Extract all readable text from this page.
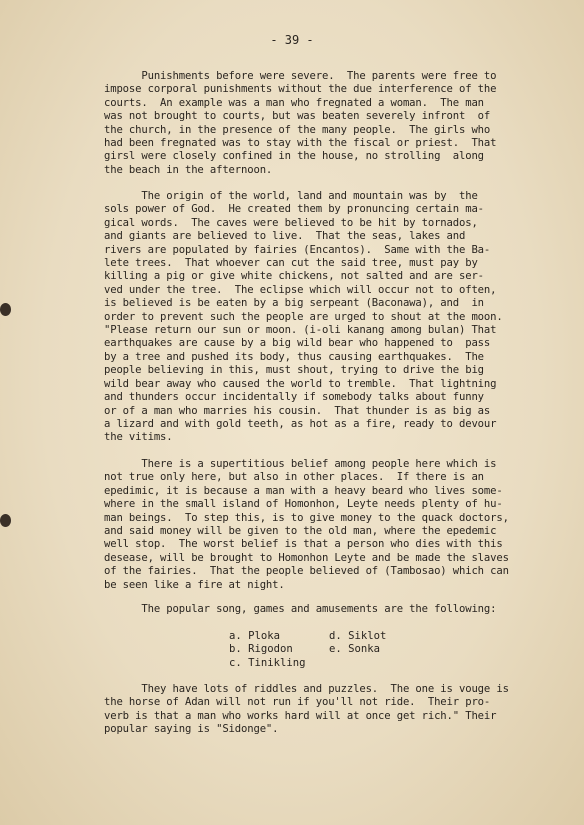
- 39 -
Punishments before were severe.  The parents were free to
impose corporal punishments without the due interference of the
courts.  An example was a man who fregnated a woman.  The man
was not brought to courts, but was beaten severely infront  of
the church, in the presence of the many people.  The girls who
had been fregnated was to stay with the fiscal or priest.  That
girsl were closely confined in the house, no strolling  along
the beach in the afternoon.
The origin of the world, land and mountain was by  the
sols power of God.  He created them by pronuncing certain ma-
gical words.  The caves were believed to be hit by tornados,
and giants are believed to live.  That the seas, lakes and
rivers are populated by fairies (Encantos).  Same with the Ba-
lete trees.  That whoever can cut the said tree, must pay by
killing a pig or give white chickens, not salted and are ser-
ved under the tree.  The eclipse which will occur not to often,
is believed is be eaten by a big serpeant (Baconawa), and  in
order to prevent such the people are urged to shout at the moon.
"Please return our sun or moon. (i-oli kanang among bulan) That
earthquakes are cause by a big wild bear who happened to  pass
by a tree and pushed its body, thus causing earthquakes.  The
people believing in this, must shout, trying to drive the big
wild bear away who caused the world to tremble.  That lightning
and thunders occur incidentally if somebody talks about funny
or of a man who marries his cousin.  That thunder is as big as
a lizard and with gold teeth, as hot as a fire, ready to devour
the vitims.
There is a supertitious belief among people here which is
not true only here, but also in other places.  If there is an
epedimic, it is because a man with a heavy beard who lives some-
where in the small island of Homonhon, Leyte needs plenty of hu-
man beings.  To step this, is to give money to the quack doctors,
and said money will be given to the old man, where the epedemic
well stop.  The worst belief is that a person who dies with this
desease, will be brought to Homonhon Leyte and be made the slaves
of the fairies.  That the people believed of (Tambosao) which can
be seen like a fire at night.
The popular song, games and amusements are the following:
a. Ploka	d. Siklot
b. Rigodon	e. Sonka
c. Tinikling
They have lots of riddles and puzzles.  The one is vouge is
the horse of Adan will not run if you'll not ride.  Their pro-
verb is that a man who works hard will at once get rich." Their
popular saying is "Sidonge".
